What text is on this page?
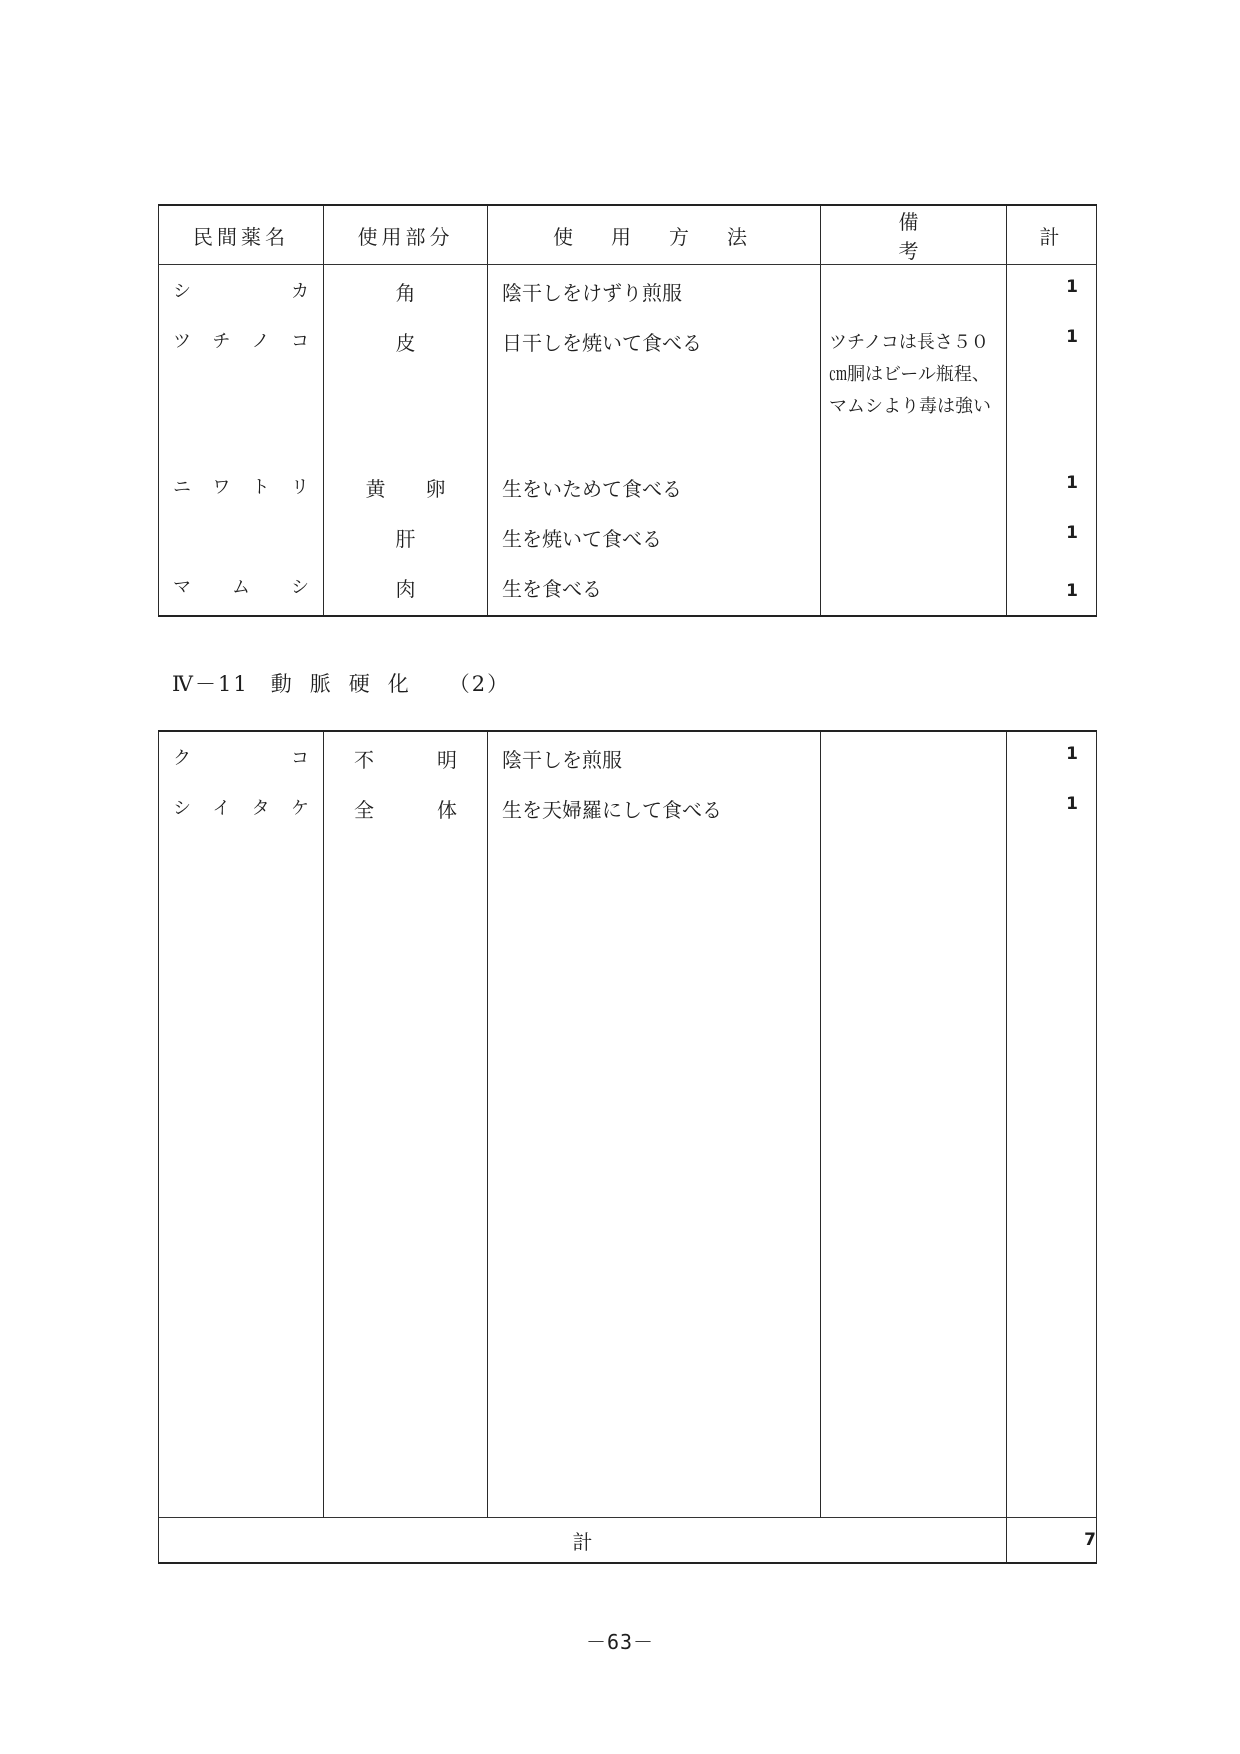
民間薬名	使用部分	使用方法	備考	計

シ カ	角	陰干しをけずり煎服		1

ツ チ ノ コ	皮	日干しを焼いて食べる	ツチノコは長さ５０㎝胴はビール瓶程、マムシより毒は強い	1

ニ ワ ト リ	黄　　卵	生をいためて食べる		1

	肝	生を焼いて食べる		1

マ ム シ	肉	生を食べる		1
Ⅳ－11 動脈硬化 （2）
ク コ	不 明	陰干しを煎服		1

シ イ タ ケ	全 体	生を天婦羅にして食べる		1

計				7
－63－
